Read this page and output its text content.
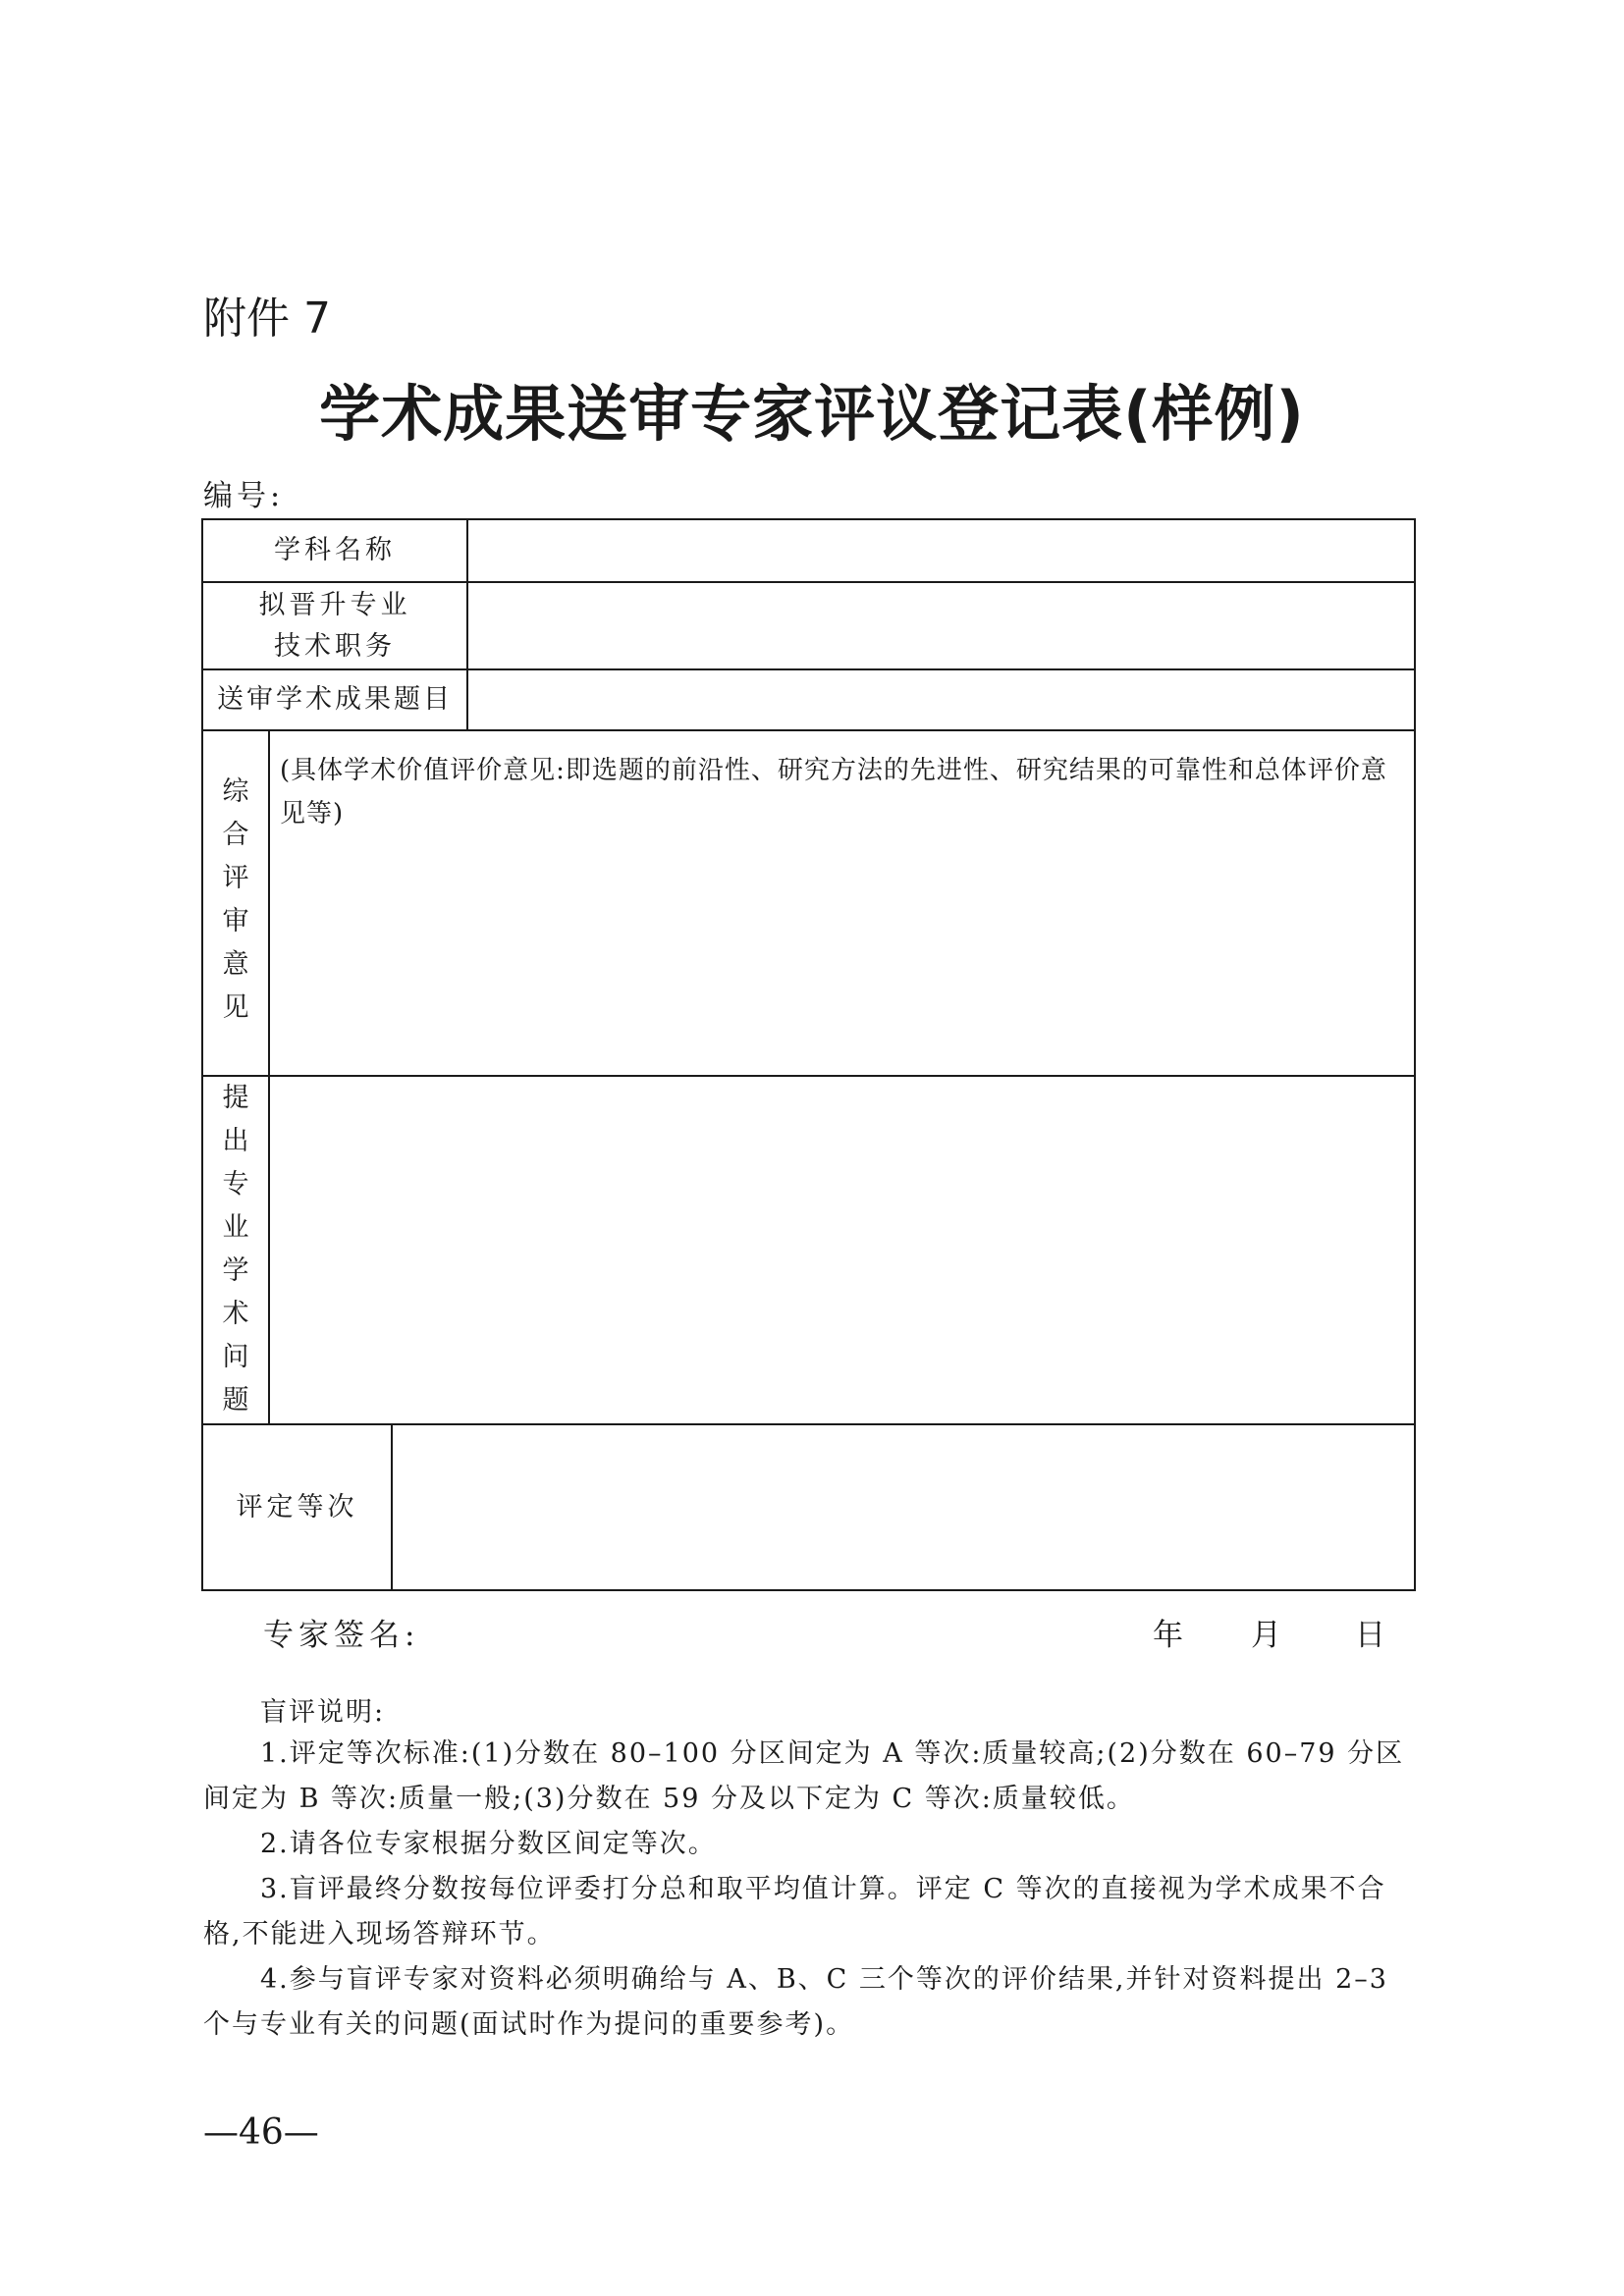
附件 7
学术成果送审专家评议登记表(样例)
编号:
学科名称
拟晋升专业
技术职务
送审学术成果题目
综
合
评
审
意
见
(具体学术价值评价意见:即选题的前沿性、研究方法的先进性、研究结果的可靠性和总体评价意见等)
提
出
专
业
学
术
问
题
评定等次
专家签名:	年 月 日
盲评说明:
1.评定等次标准:(1)分数在 80–100 分区间定为 A 等次:质量较高;(2)分数在 60–79 分区间定为 B 等次:质量一般;(3)分数在 59 分及以下定为 C 等次:质量较低。
2.请各位专家根据分数区间定等次。
3.盲评最终分数按每位评委打分总和取平均值计算。评定 C 等次的直接视为学术成果不合格,不能进入现场答辩环节。
4.参与盲评专家对资料必须明确给与 A、B、C 三个等次的评价结果,并针对资料提出 2–3 个与专业有关的问题(面试时作为提问的重要参考)。
—46—
